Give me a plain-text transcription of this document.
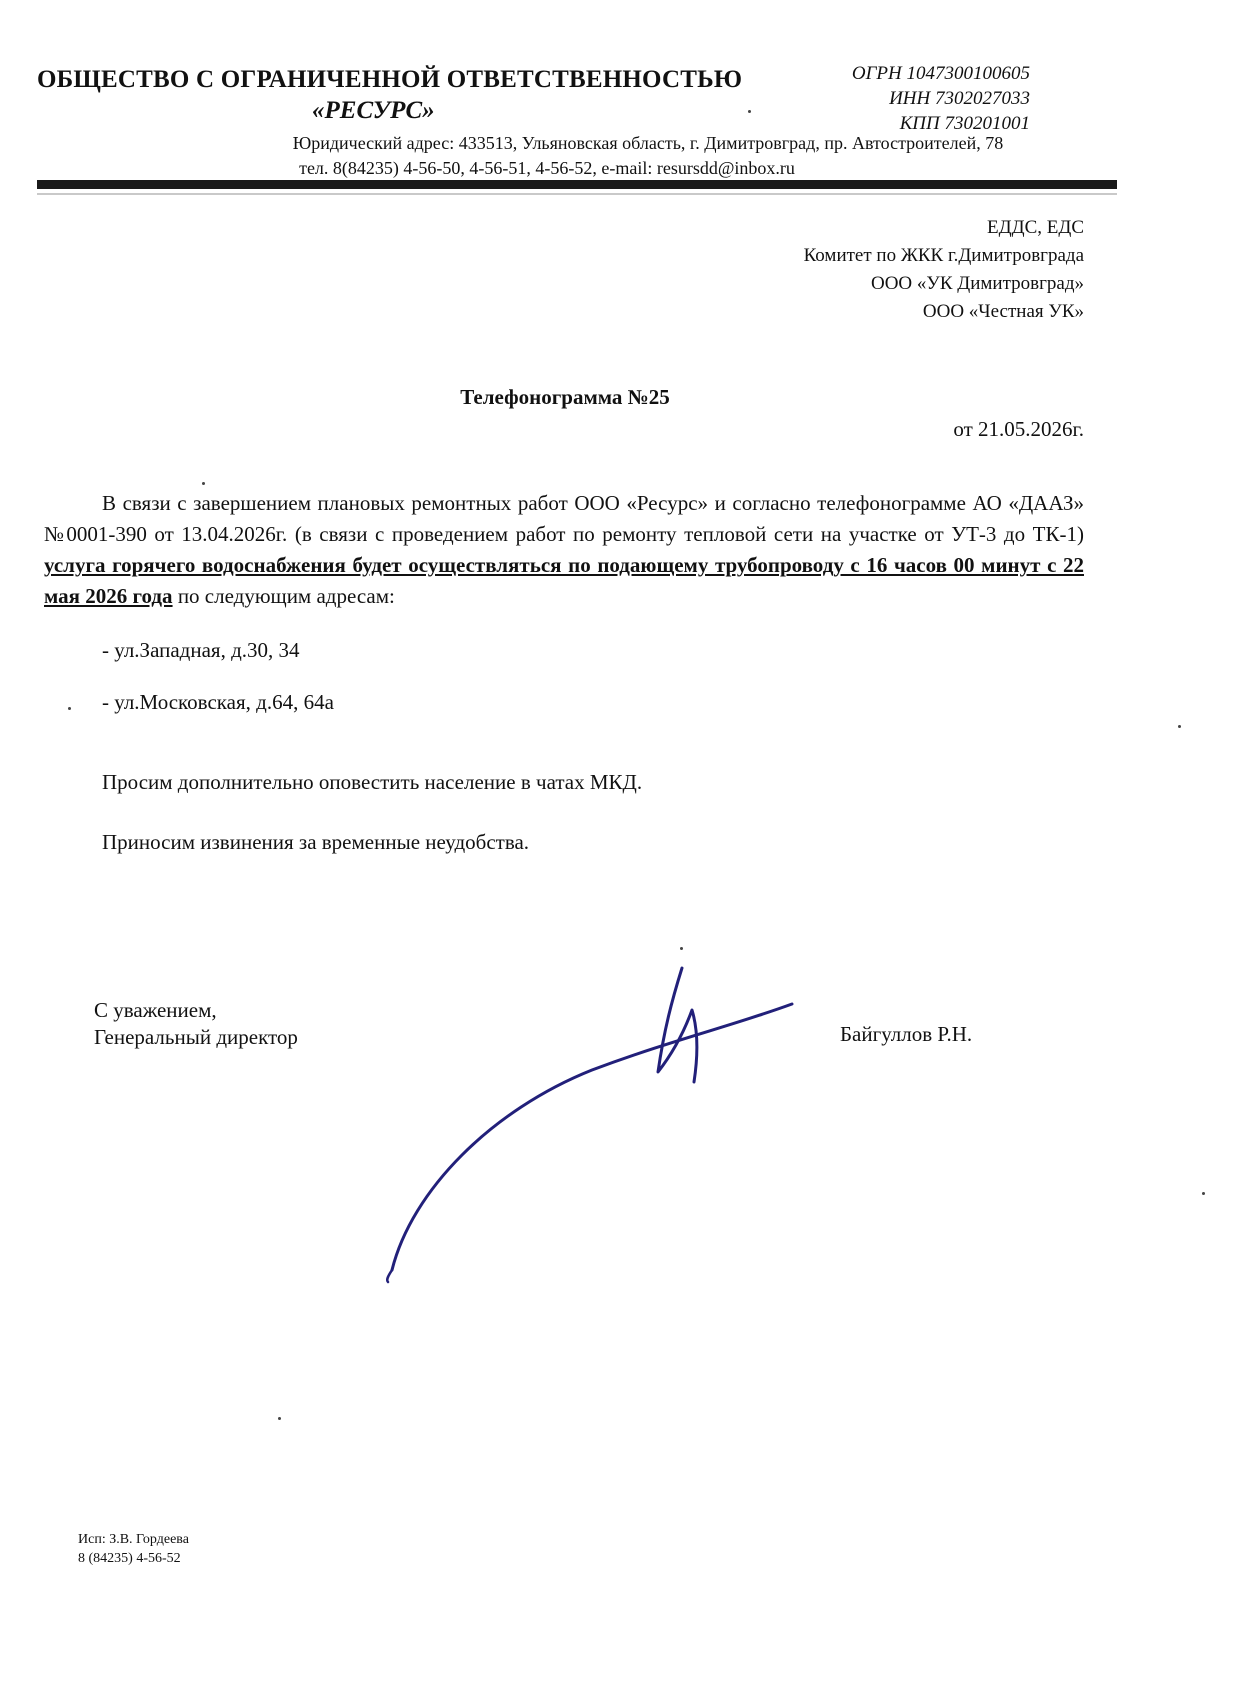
ОБЩЕСТВО С ОГРАНИЧЕННОЙ ОТВЕТСТВЕННОСТЬЮ
«РЕСУРС»
ОГРН 1047300100605
ИНН 7302027033
КПП 730201001
Юридический адрес: 433513, Ульяновская область, г. Димитровград, пр. Автостроителей, 78
тел. 8(84235) 4-56-50, 4-56-51, 4-56-52, e-mail: resursdd@inbox.ru
ЕДДС, ЕДС
Комитет по ЖКК г.Димитровграда
ООО «УК Димитровград»
ООО «Честная УК»
Телефонограмма №25
от 21.05.2026г.
В связи с завершением плановых ремонтных работ ООО «Ресурс» и согласно телефонограмме АО «ДААЗ» №0001-390 от 13.04.2026г. (в связи с проведением работ по ремонту тепловой сети на участке от УТ-3 до ТК-1) услуга горячего водоснабжения будет осуществляться по подающему трубопроводу с 16 часов 00 минут с 22 мая 2026 года по следующим адресам:
- ул.Западная, д.30, 34
- ул.Московская, д.64, 64а
Просим дополнительно оповестить население в чатах МКД.
Приносим извинения за временные неудобства.
С уважением,
Генеральный директор	Байгуллов Р.Н.
Исп: З.В. Гордеева
8 (84235) 4-56-52
